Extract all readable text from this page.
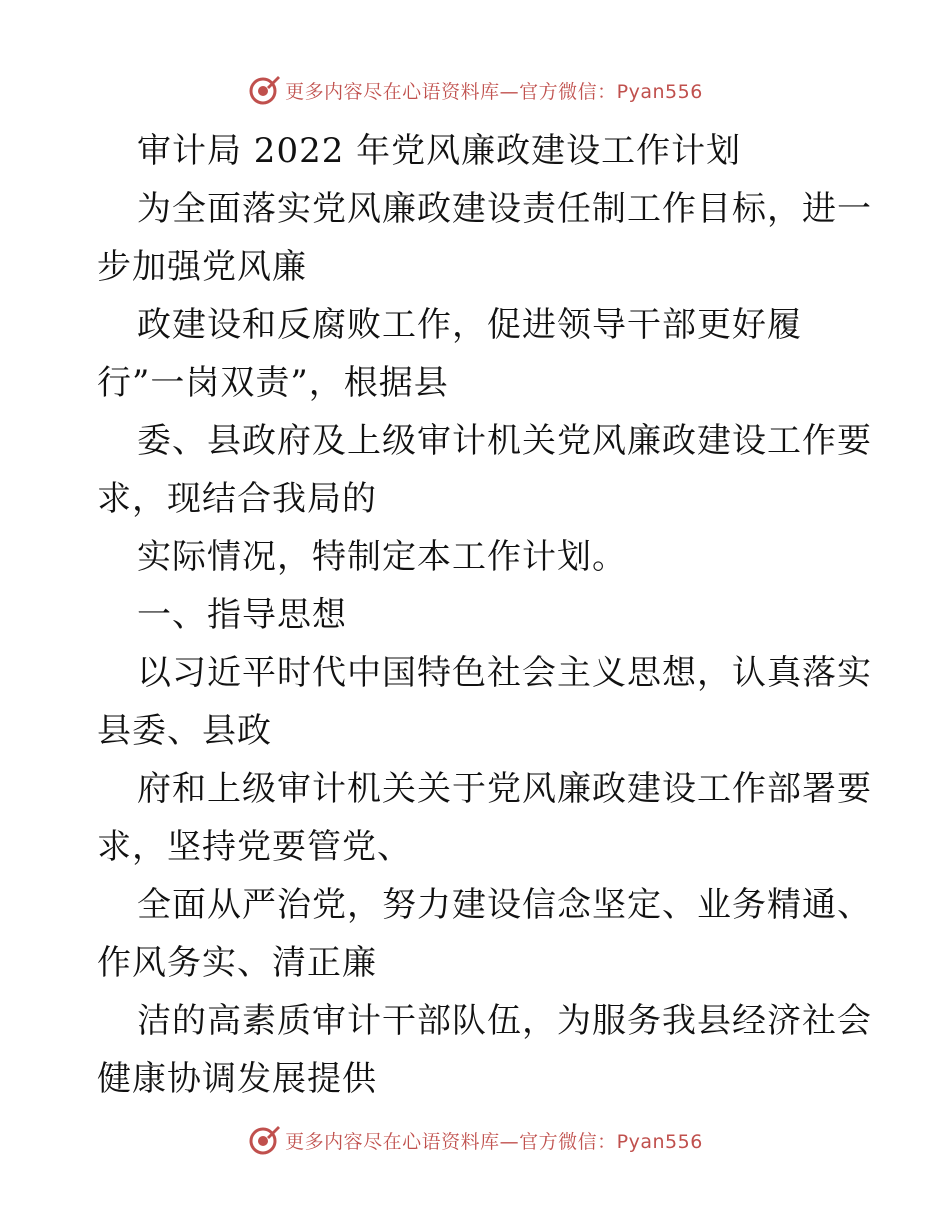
更多内容尽在心语资料库—官方微信：Pyan556
审计局 2022 年党风廉政建设工作计划
为全面落实党风廉政建设责任制工作目标，进一
步加强党风廉
政建设和反腐败工作，促进领导干部更好履
行”一岗双责”，根据县
委、县政府及上级审计机关党风廉政建设工作要
求，现结合我局的
实际情况，特制定本工作计划。
一、指导思想
以习近平时代中国特色社会主义思想，认真落实
县委、县政
府和上级审计机关关于党风廉政建设工作部署要
求，坚持党要管党、
全面从严治党，努力建设信念坚定、业务精通、
作风务实、清正廉
洁的高素质审计干部队伍，为服务我县经济社会
健康协调发展提供
更多内容尽在心语资料库—官方微信：Pyan556
